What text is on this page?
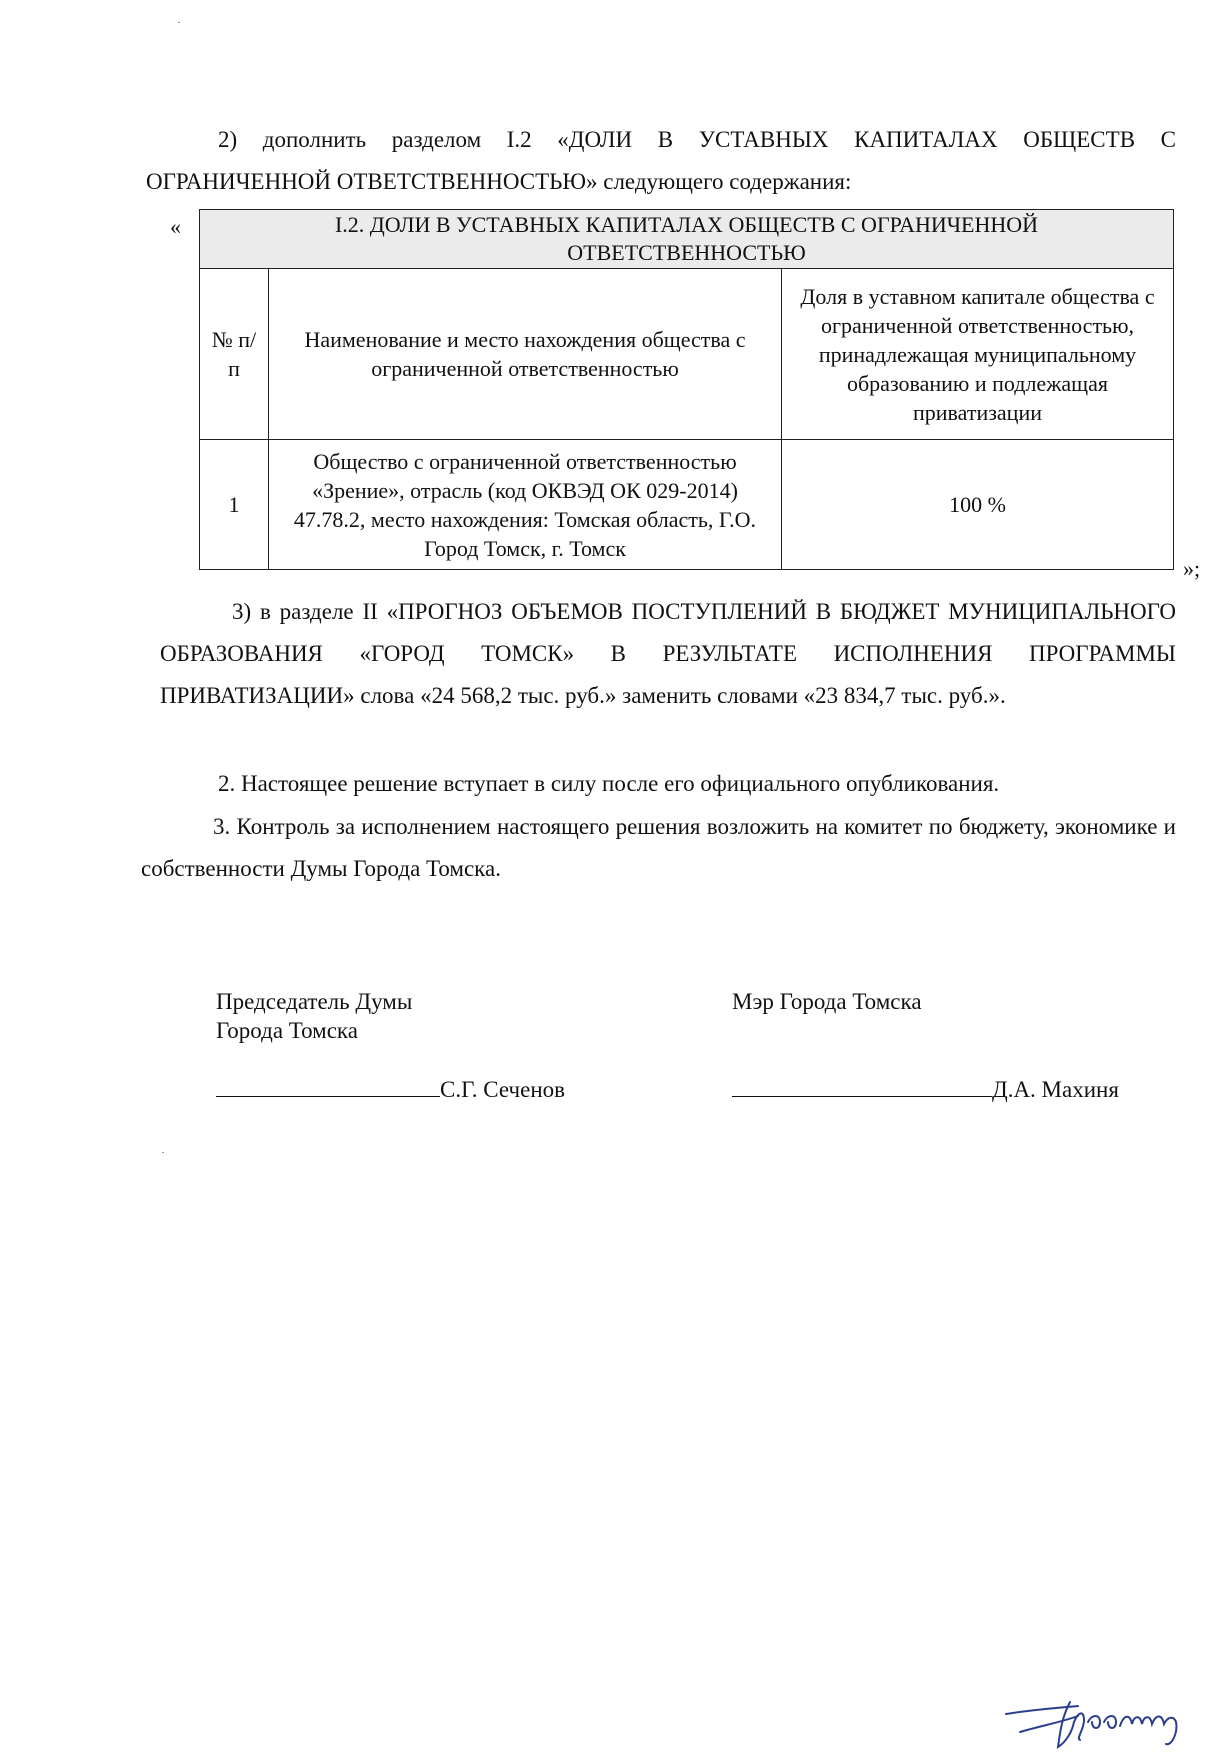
2) дополнить разделом I.2 «ДОЛИ В УСТАВНЫХ КАПИТАЛАХ ОБЩЕСТВ С ОГРАНИЧЕННОЙ ОТВЕТСТВЕННОСТЬЮ» следующего содержания:
«	I.2. ДОЛИ В УСТАВНЫХ КАПИТАЛАХ ОБЩЕСТВ С ОГРАНИЧЕННОЙ ОТВЕТСТВЕННОСТЬЮ		
№ п/п	Наименование и место нахождения общества с ограниченной ответственностью	Доля в уставном капитале общества с ограниченной ответственностью, принадлежащая муниципальному образованию и подлежащая приватизации
1	Общество с ограниченной ответственностью «Зрение», отрасль (код ОКВЭД ОК 029-2014) 47.78.2, место нахождения: Томская область, Г.О. Город Томск, г. Томск	100 %
»;
3) в разделе II «ПРОГНОЗ ОБЪЕМОВ ПОСТУПЛЕНИЙ В БЮДЖЕТ МУНИЦИПАЛЬНОГО ОБРАЗОВАНИЯ «ГОРОД ТОМСК» В РЕЗУЛЬТАТЕ ИСПОЛНЕНИЯ ПРОГРАММЫ ПРИВАТИЗАЦИИ» слова «24 568,2 тыс. руб.» заменить словами «23 834,7 тыс. руб.».
2. Настоящее решение вступает в силу после его официального опубликования.
3. Контроль за исполнением настоящего решения возложить на комитет по бюджету, экономике и собственности Думы Города Томска.
Председатель Думы
Города Томска
С.Г. Сеченов
Мэр Города Томска
Д.А. Махиня
